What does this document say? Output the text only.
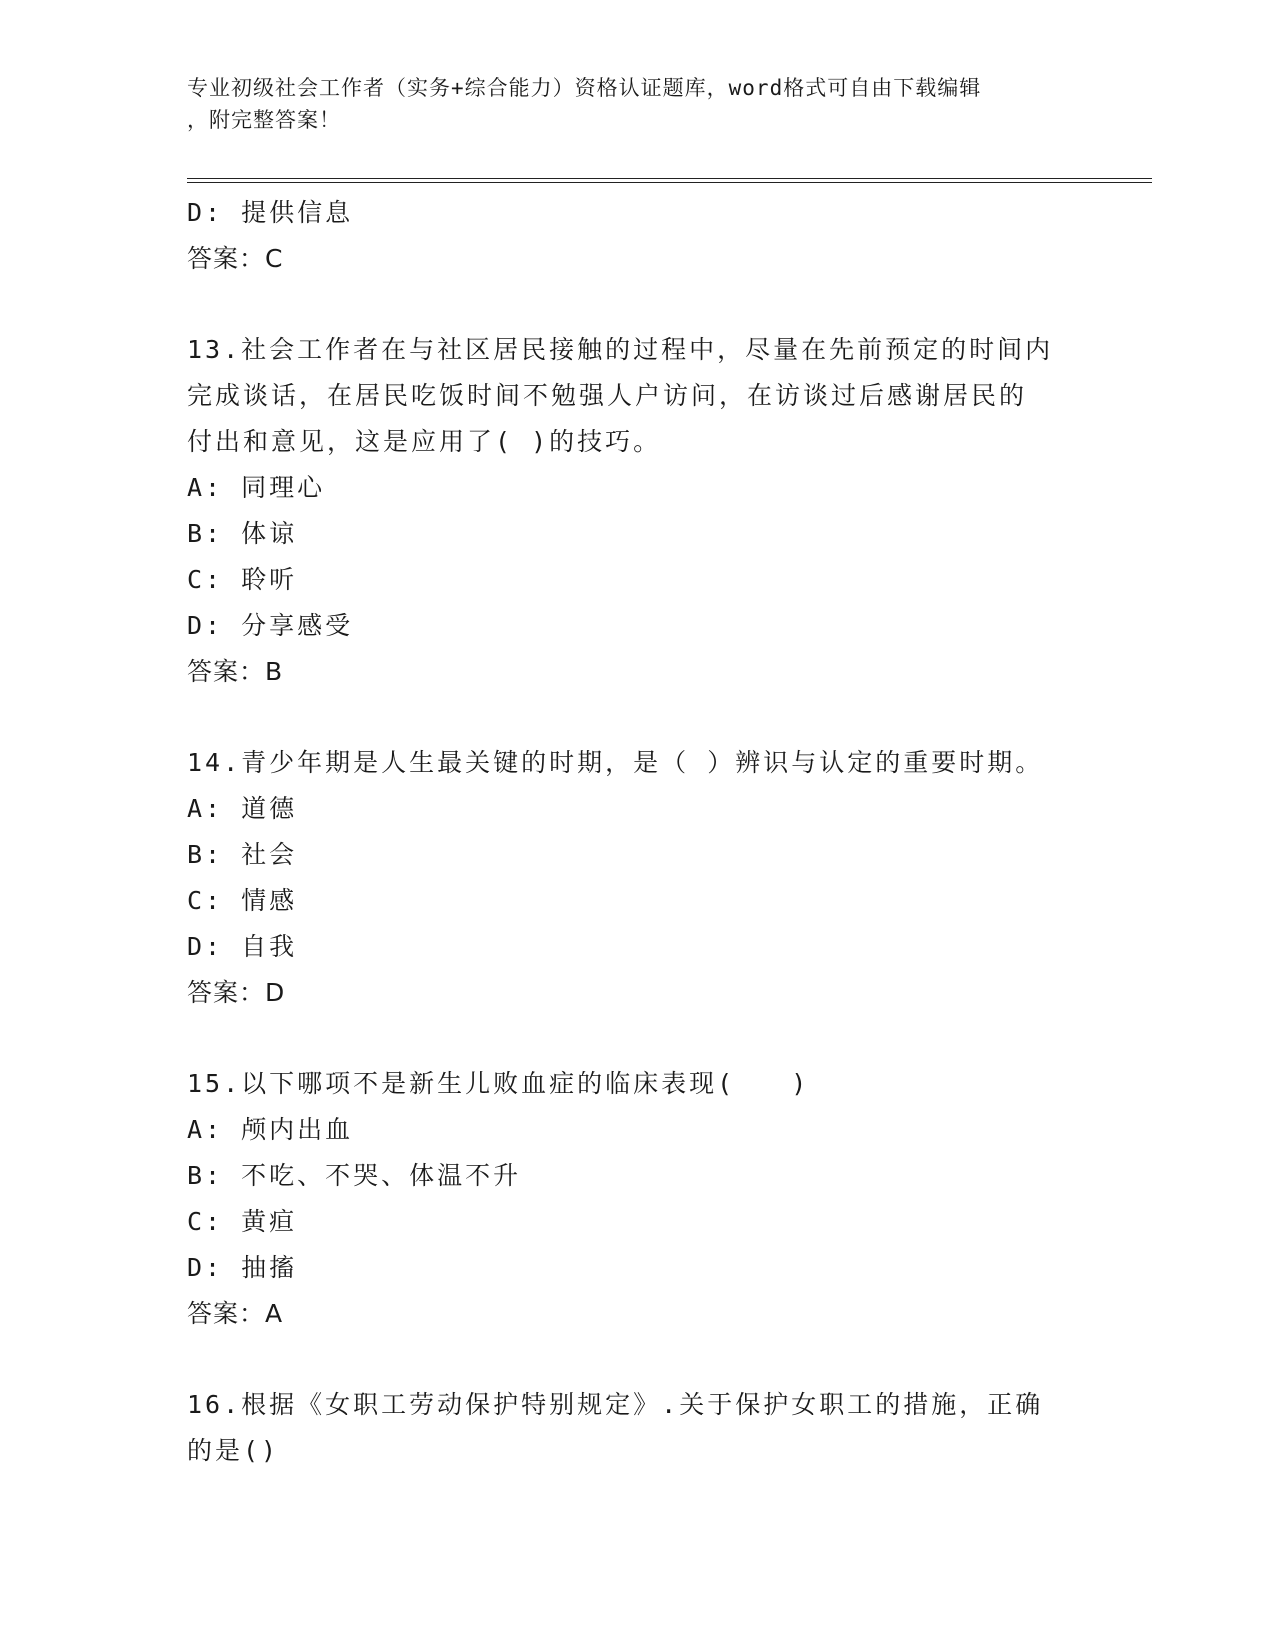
专业初级社会工作者（实务+综合能力）资格认证题库，word格式可自由下载编辑
，附完整答案！
D: 提供信息
答案：C
13.社会工作者在与社区居民接触的过程中，尽量在先前预定的时间内
完成谈话，在居民吃饭时间不勉强人户访问，在访谈过后感谢居民的
付出和意见，这是应用了( )的技巧。
A: 同理心
B: 体谅
C: 聆听
D: 分享感受
答案：B
14.青少年期是人生最关键的时期，是（ ）辨识与认定的重要时期。
A: 道德
B: 社会
C: 情感
D: 自我
答案：D
15.以下哪项不是新生儿败血症的临床表现(　　)
A: 颅内出血
B: 不吃、不哭、体温不升
C: 黄疸
D: 抽搐
答案：A
16.根据《女职工劳动保护特别规定》.关于保护女职工的措施，正确
的是()
